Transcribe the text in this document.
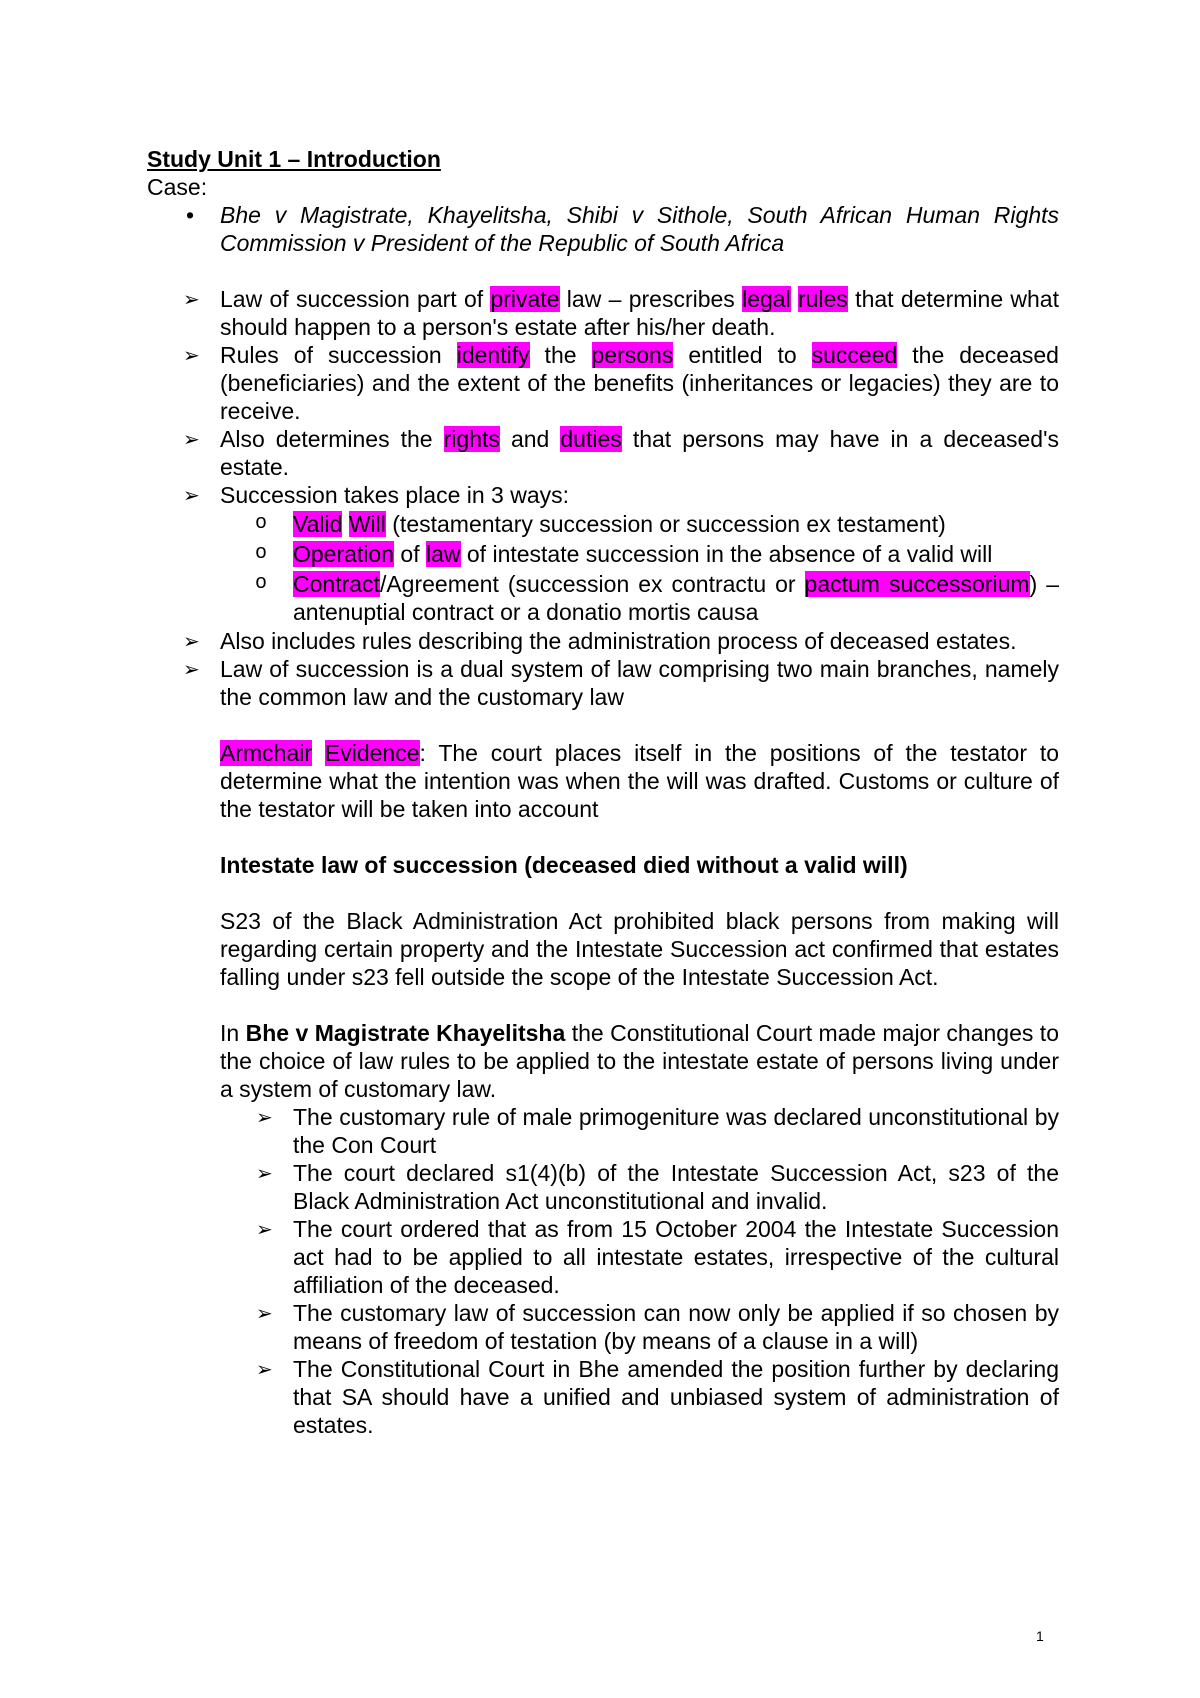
Study Unit 1 – Introduction

Case:

• Bhe v Magistrate, Khayelitsha, Shibi v Sithole, South African Human Rights Commission v President of the Republic of South Africa
➢ Law of succession part of private law – prescribes legal rules that determine what should happen to a person's estate after his/her death.
➢ Rules of succession identify the persons entitled to succeed the deceased (beneficiaries) and the extent of the benefits (inheritances or legacies) they are to receive.
➢ Also determines the rights and duties that persons may have in a deceased's estate.
➢ Succession takes place in 3 ways:
o Valid Will (testamentary succession or succession ex testament)
o Operation of law of intestate succession in the absence of a valid will
o Contract/Agreement (succession ex contractu or pactum successorium) – antenuptial contract or a donatio mortis causa
➢ Also includes rules describing the administration process of deceased estates.
➢ Law of succession is a dual system of law comprising two main branches, namely the common law and the customary law

Armchair Evidence: The court places itself in the positions of the testator to determine what the intention was when the will was drafted. Customs or culture of the testator will be taken into account

Intestate law of succession (deceased died without a valid will)

S23 of the Black Administration Act prohibited black persons from making will regarding certain property and the Intestate Succession act confirmed that estates falling under s23 fell outside the scope of the Intestate Succession Act.

In Bhe v Magistrate Khayelitsha the Constitutional Court made major changes to the choice of law rules to be applied to the intestate estate of persons living under a system of customary law.

➢ The customary rule of male primogeniture was declared unconstitutional by the Con Court
➢ The court declared s1(4)(b) of the Intestate Succession Act, s23 of the Black Administration Act unconstitutional and invalid.
➢ The court ordered that as from 15 October 2004 the Intestate Succession act had to be applied to all intestate estates, irrespective of the cultural affiliation of the deceased.
➢ The customary law of succession can now only be applied if so chosen by means of freedom of testation (by means of a clause in a will)
➢ The Constitutional Court in Bhe amended the position further by declaring that SA should have a unified and unbiased system of administration of estates.
1
